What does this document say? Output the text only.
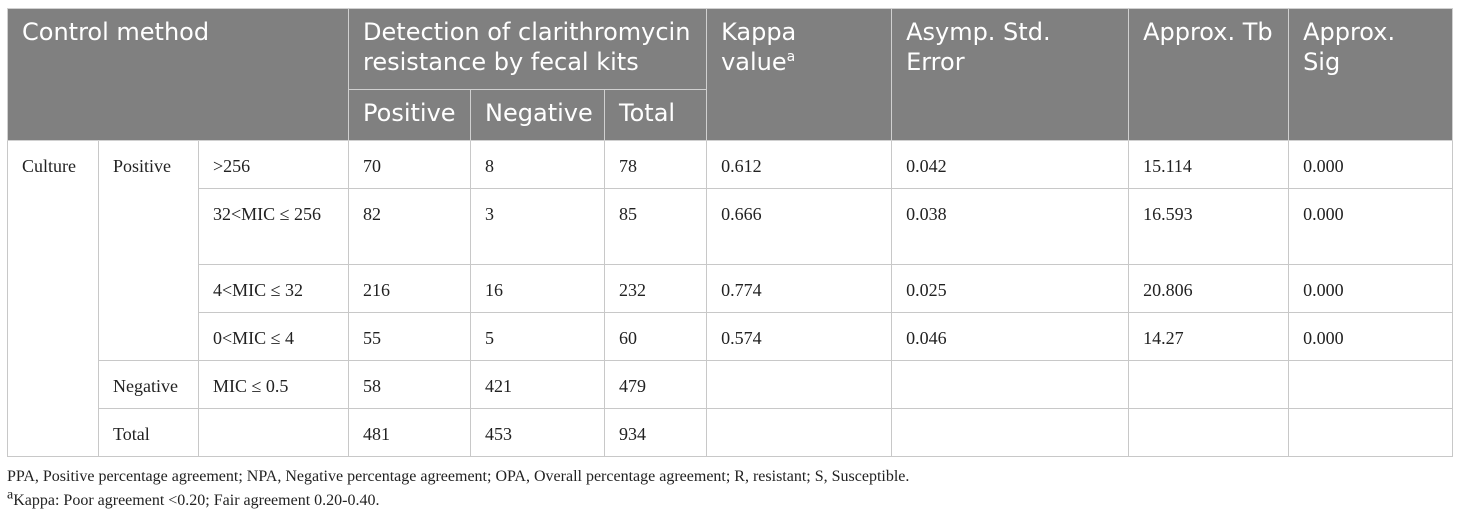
Control method			Detection of clarithromycin resistance by fecal kits			Kappa value$^a$	Asymp. Std. Error	Approx. Tb	Approx. Sig
			Positive	Negative	Total				
Culture	Positive	>256	70	8	78	0.612	0.042	15.114	0.000
		32<MIC ≤ 256	82	3	85	0.666	0.038	16.593	0.000
		4<MIC ≤ 32	216	16	232	0.774	0.025	20.806	0.000
		0<MIC ≤ 4	55	5	60	0.574	0.046	14.27	0.000
	Negative	MIC ≤ 0.5	58	421	479				
	Total		481	453	934				

PPA, Positive percentage agreement; NPA, Negative percentage agreement; OPA, Overall percentage agreement; R, resistant; S, Susceptible.

$^a$Kappa: Poor agreement <0.20; Fair agreement 0.20-0.40.
